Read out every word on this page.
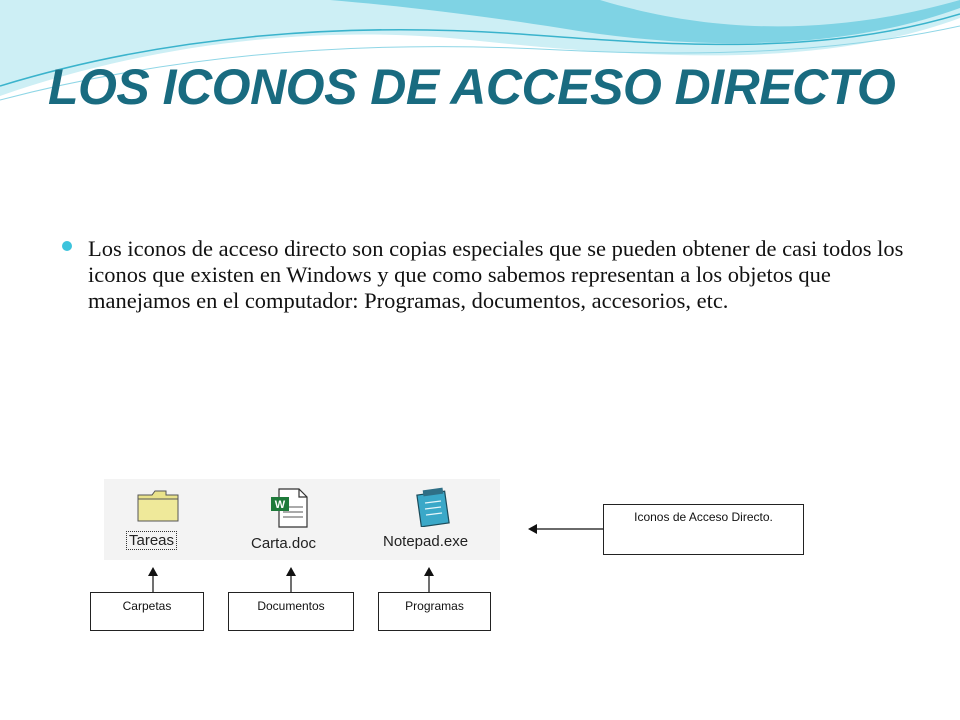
LOS ICONOS DE ACCESO DIRECTO

Los iconos de acceso directo son copias especiales que se pueden obtener de casi todos los iconos que existen en Windows y que como sabemos representan a los objetos que manejamos en el computador: Programas, documentos, accesorios, etc.

Tareas
W
Carta.doc	Notepad.exe
Iconos de Acceso Directo.
Carpetas	Documentos	Programas
